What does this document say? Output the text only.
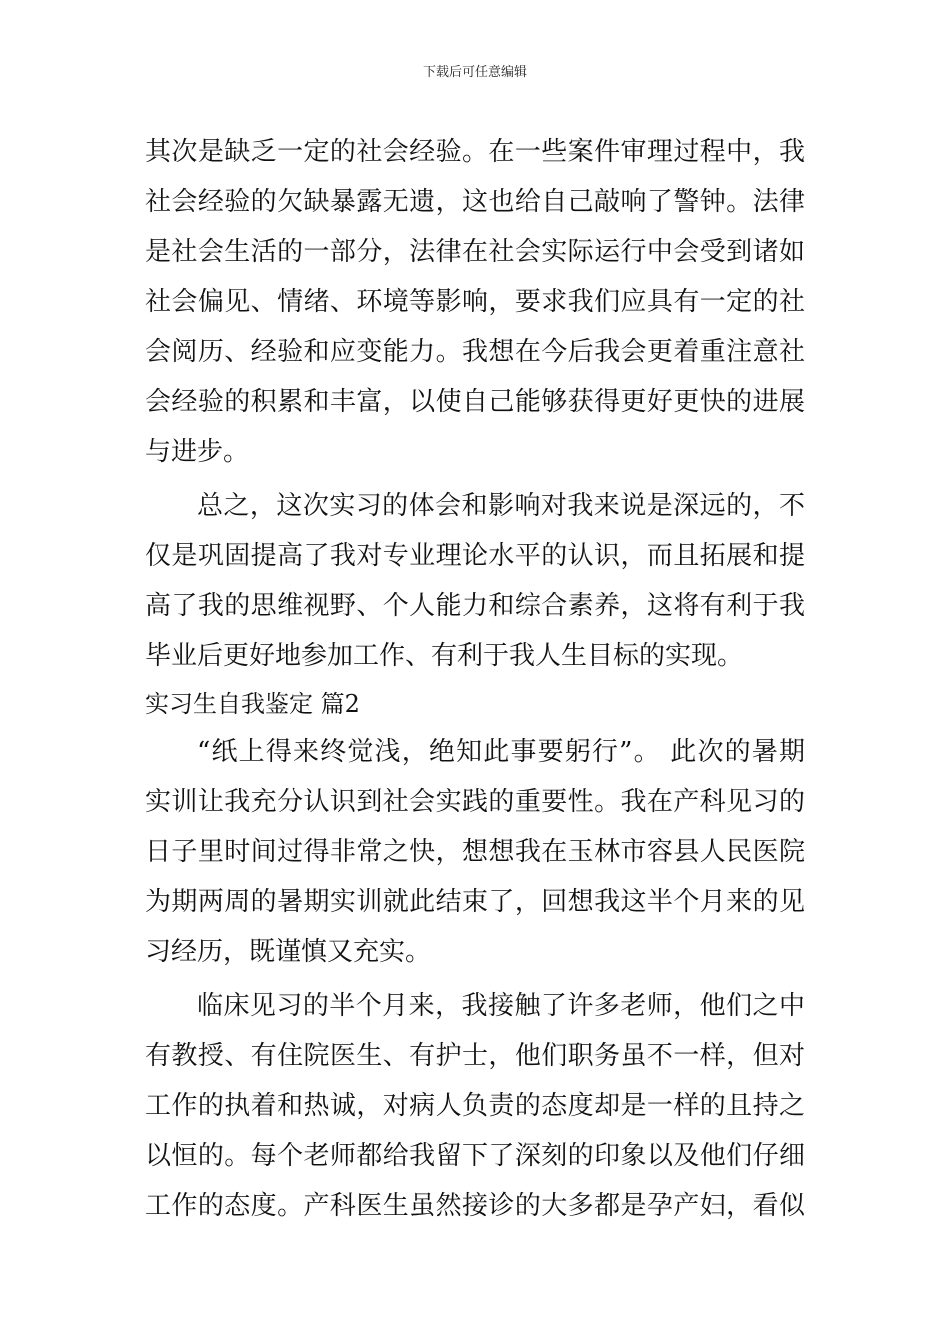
下载后可任意编辑
其次是缺乏一定的社会经验。在一些案件审理过程中，我
社会经验的欠缺暴露无遗，这也给自己敲响了警钟。法律
是社会生活的一部分，法律在社会实际运行中会受到诸如
社会偏见、情绪、环境等影响，要求我们应具有一定的社
会阅历、经验和应变能力。我想在今后我会更着重注意社
会经验的积累和丰富，以使自己能够获得更好更快的进展
与进步。
总之，这次实习的体会和影响对我来说是深远的，不
仅是巩固提高了我对专业理论水平的认识，而且拓展和提
高了我的思维视野、个人能力和综合素养，这将有利于我
毕业后更好地参加工作、有利于我人生目标的实现。
实习生自我鉴定 篇2
“纸上得来终觉浅，绝知此事要躬行”。 此次的暑期
实训让我充分认识到社会实践的重要性。我在产科见习的
日子里时间过得非常之快，想想我在玉林市容县人民医院
为期两周的暑期实训就此结束了，回想我这半个月来的见
习经历，既谨慎又充实。
临床见习的半个月来，我接触了许多老师，他们之中
有教授、有住院医生、有护士，他们职务虽不一样，但对
工作的执着和热诚，对病人负责的态度却是一样的且持之
以恒的。每个老师都给我留下了深刻的印象以及他们仔细
工作的态度。产科医生虽然接诊的大多都是孕产妇，看似
